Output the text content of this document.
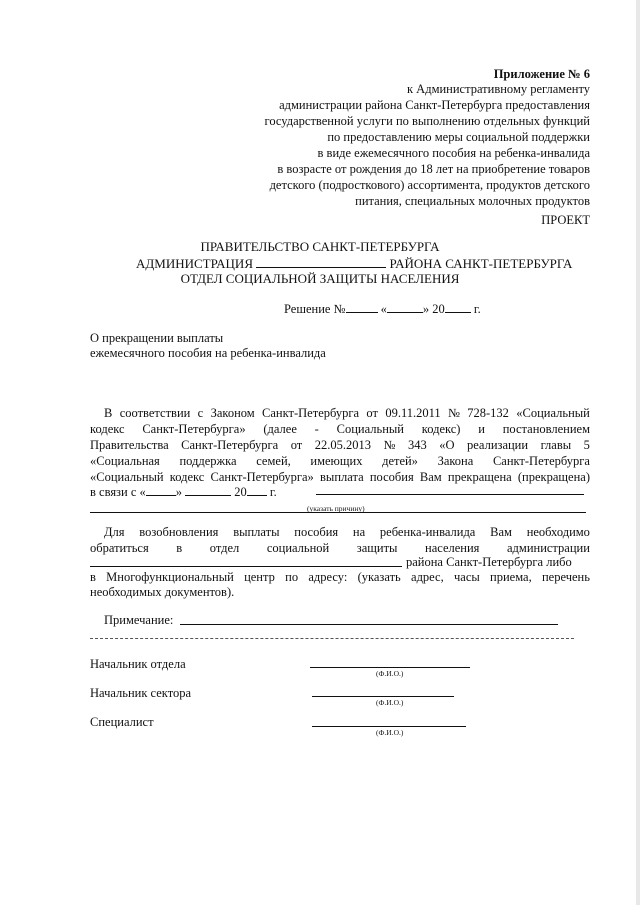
Приложение № 6
к Административному регламенту
администрации района Санкт-Петербурга предоставления
государственной услуги по выполнению отдельных функций
по предоставлению меры социальной поддержки
в виде ежемесячного пособия на ребенка-инвалида
в возрасте от рождения до 18 лет на приобретение товаров
детского (подросткового) ассортимента, продуктов детского
питания, специальных молочных продуктов
ПРОЕКТ
ПРАВИТЕЛЬСТВО САНКТ-ПЕТЕРБУРГА
АДМИНИСТРАЦИЯ	РАЙОНА САНКТ-ПЕТЕРБУРГА
ОТДЕЛ СОЦИАЛЬНОЙ ЗАЩИТЫ НАСЕЛЕНИЯ
Решение №	«	» 20 г.
О прекращении выплаты
ежемесячного пособия на ребенка-инвалида
В соответствии с Законом Санкт-Петербурга от 09.11.2011 № 728-132 «Социальный
кодекс Санкт-Петербурга» (далее - Социальный кодекс) и постановлением
Правительства Санкт-Петербурга от 22.05.2013 № 343 «О реализации главы 5
«Социальная поддержка семей, имеющих детей» Закона Санкт-Петербурга
«Социальный кодекс Санкт-Петербурга» выплата пособия Вам прекращена (прекращена)
в связи с « »	20 г.
(указать причину)
Для возобновления выплаты пособия на ребенка-инвалида Вам необходимо
обратиться в отдел социальной защиты населения администрации
района Санкт-Петербурга либо
в Многофункциональный центр по адресу: (указать адрес, часы приема, перечень
необходимых документов).
Примечание:
Начальник отдела
(Ф.И.О.)
Начальник сектора
(Ф.И.О.)
Специалист
(Ф.И.О.)
